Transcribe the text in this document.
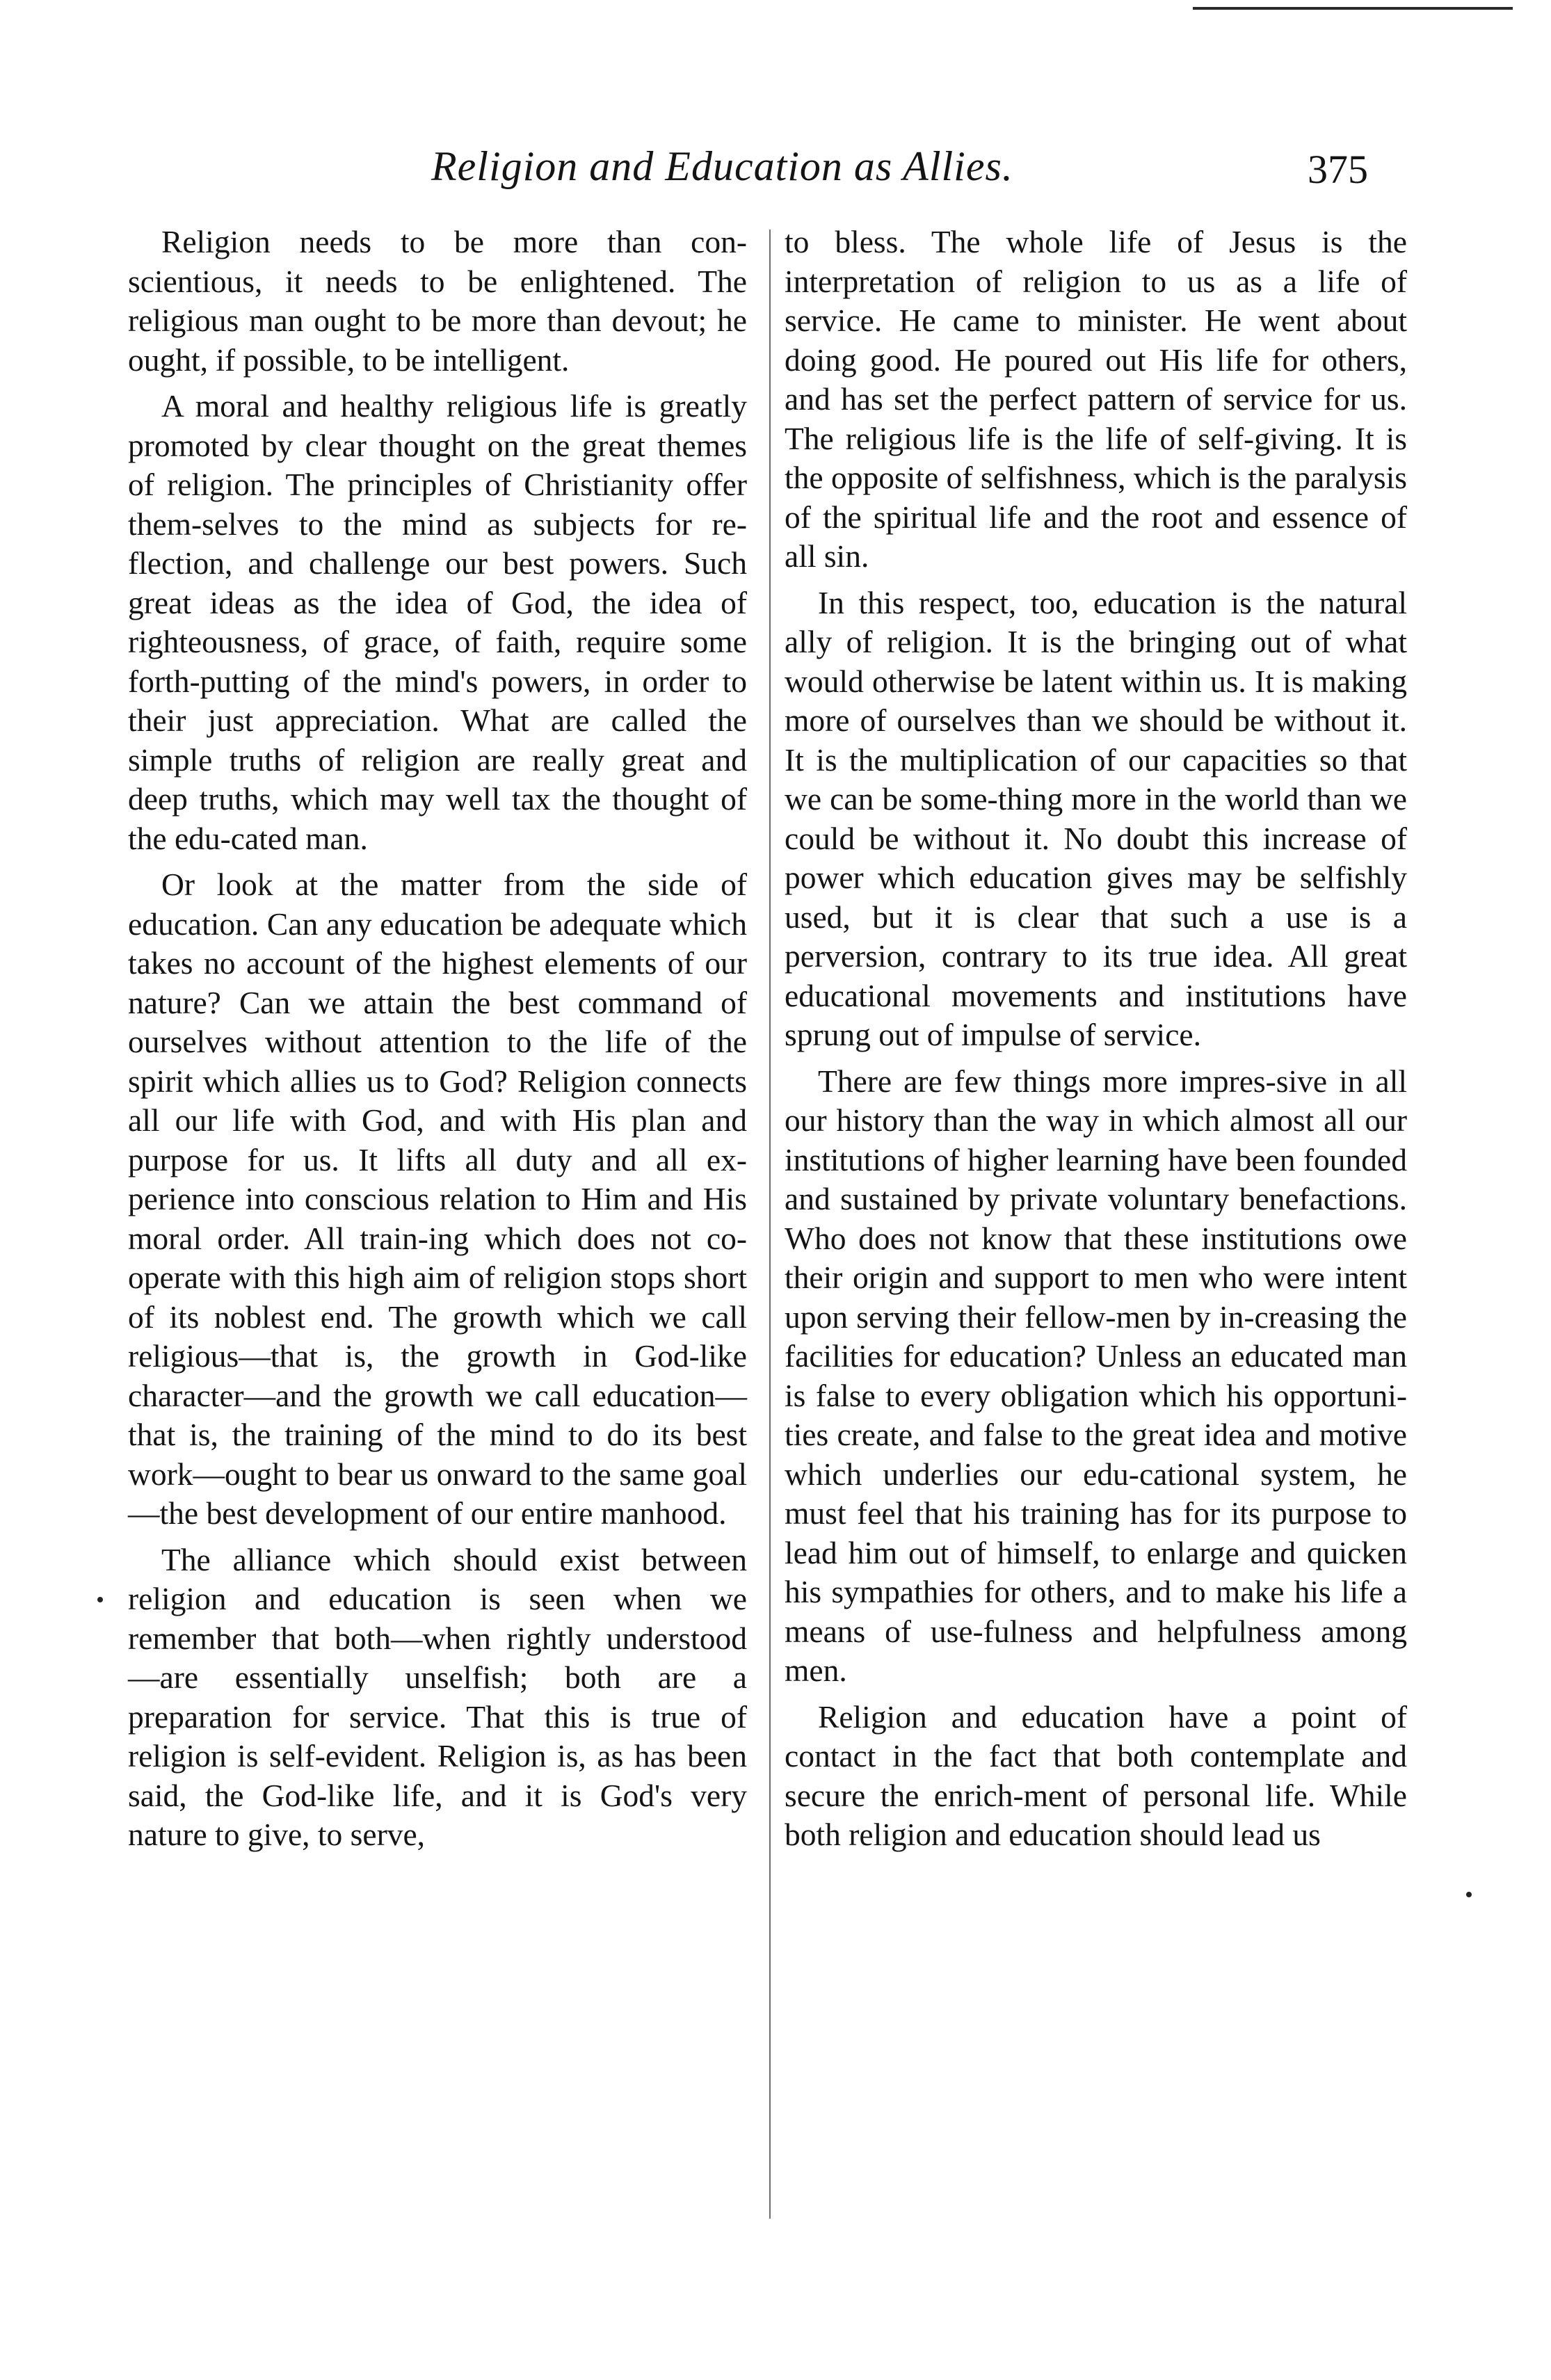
Religion and Education as Allies.	375

Religion needs to be more than con-scientious, it needs to be enlightened. The religious man ought to be more than devout; he ought, if possible, to be intelligent.

A moral and healthy religious life is greatly promoted by clear thought on the great themes of religion. The principles of Christianity offer them-selves to the mind as subjects for re-flection, and challenge our best powers. Such great ideas as the idea of God, the idea of righteousness, of grace, of faith, require some forth-putting of the mind's powers, in order to their just appreciation. What are called the simple truths of religion are really great and deep truths, which may well tax the thought of the edu-cated man.

Or look at the matter from the side of education. Can any education be adequate which takes no account of the highest elements of our nature? Can we attain the best command of ourselves without attention to the life of the spirit which allies us to God? Religion connects all our life with God, and with His plan and purpose for us. It lifts all duty and all ex-perience into conscious relation to Him and His moral order. All train-ing which does not co-operate with this high aim of religion stops short of its noblest end. The growth which we call religious—that is, the growth in God-like character—and the growth we call education—that is, the training of the mind to do its best work—ought to bear us onward to the same goal—the best development of our entire manhood.

The alliance which should exist between religion and education is seen when we remember that both—when rightly understood—are essentially unselfish; both are a preparation for service. That this is true of religion is self-evident. Religion is, as has been said, the God-like life, and it is God's very nature to give, to serve,

to bless. The whole life of Jesus is the interpretation of religion to us as a life of service. He came to minister. He went about doing good. He poured out His life for others, and has set the perfect pattern of service for us. The religious life is the life of self-giving. It is the opposite of selfishness, which is the paralysis of the spiritual life and the root and essence of all sin.

In this respect, too, education is the natural ally of religion. It is the bringing out of what would otherwise be latent within us. It is making more of ourselves than we should be without it. It is the multiplication of our capacities so that we can be some-thing more in the world than we could be without it. No doubt this increase of power which education gives may be selfishly used, but it is clear that such a use is a perversion, contrary to its true idea. All great educational movements and institutions have sprung out of impulse of service.

There are few things more impres-sive in all our history than the way in which almost all our institutions of higher learning have been founded and sustained by private voluntary benefactions. Who does not know that these institutions owe their origin and support to men who were intent upon serving their fellow-men by in-creasing the facilities for education? Unless an educated man is false to every obligation which his opportuni-ties create, and false to the great idea and motive which underlies our edu-cational system, he must feel that his training has for its purpose to lead him out of himself, to enlarge and quicken his sympathies for others, and to make his life a means of use-fulness and helpfulness among men.

Religion and education have a point of contact in the fact that both contemplate and secure the enrich-ment of personal life. While both religion and education should lead us
